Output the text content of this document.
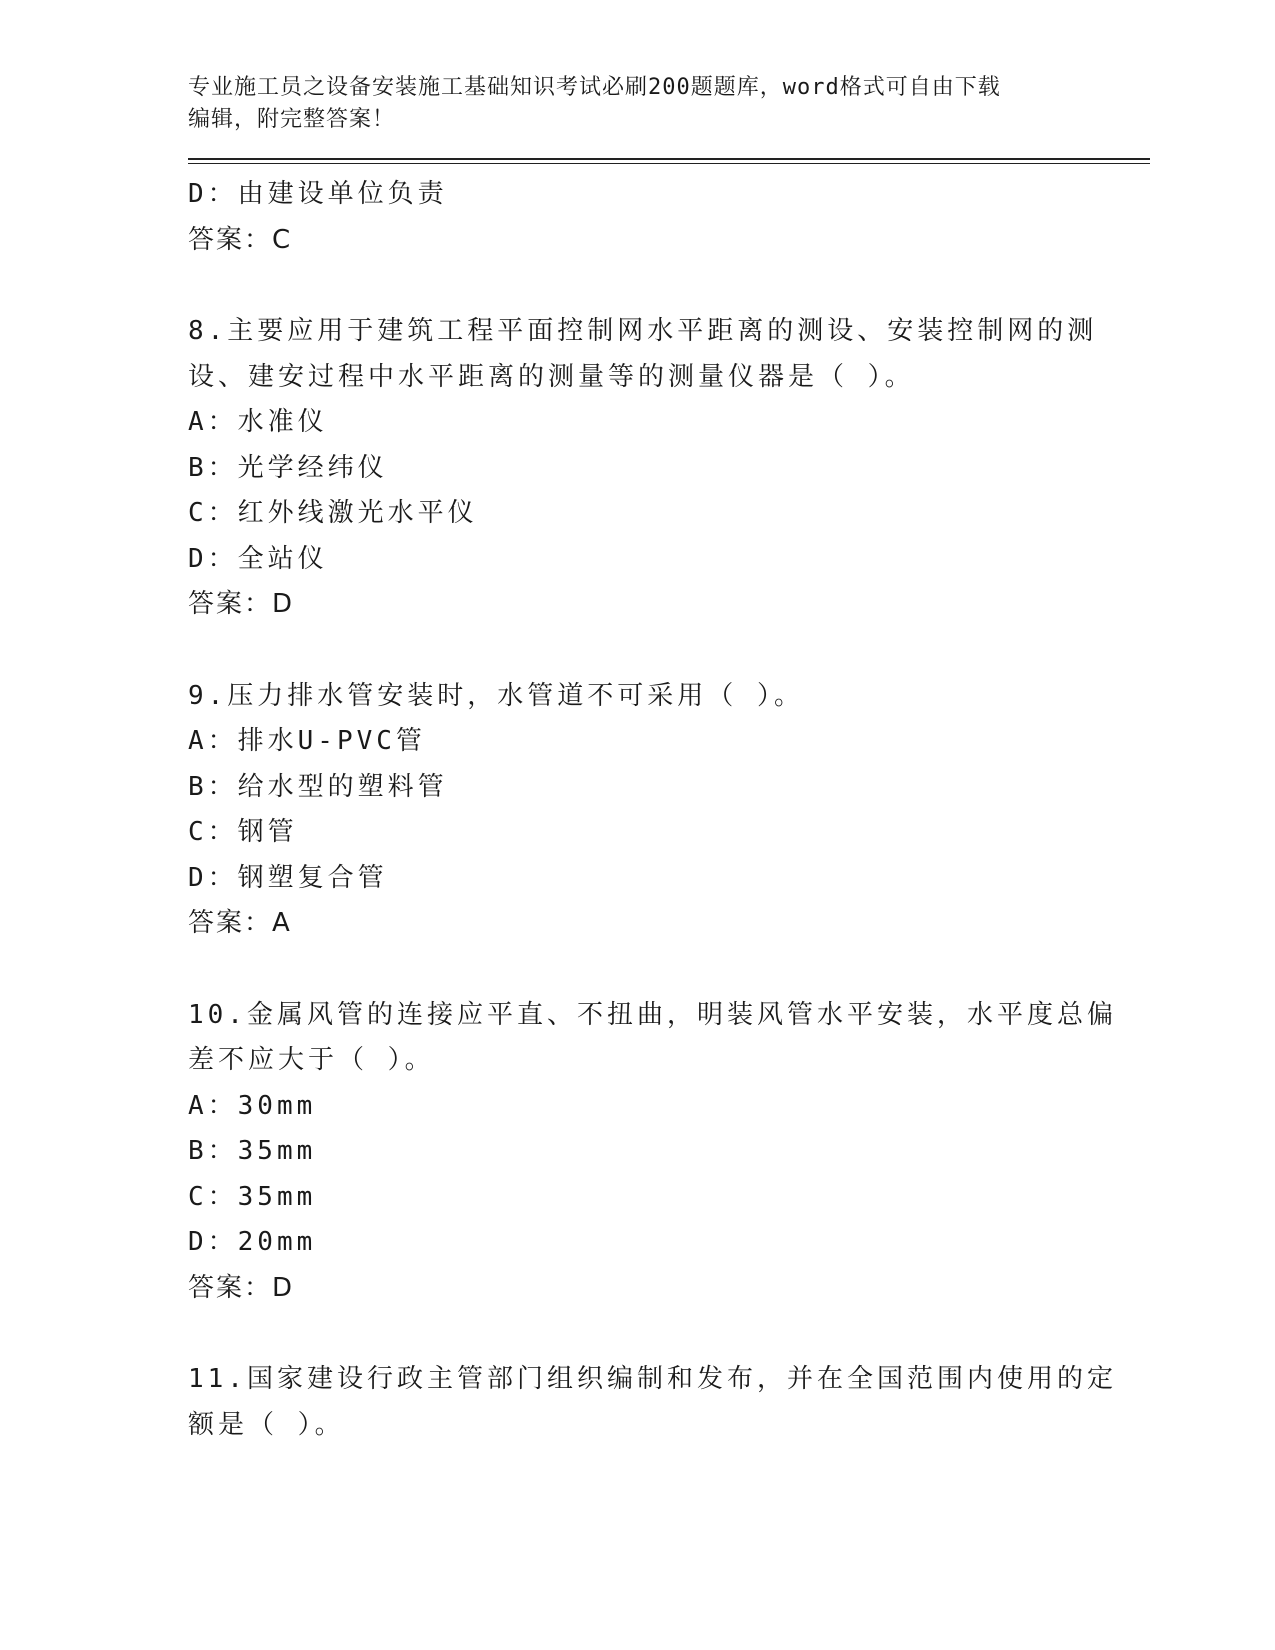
专业施工员之设备安装施工基础知识考试必刷200题题库，word格式可自由下载
编辑，附完整答案！
D：由建设单位负责
答案：C
8.主要应用于建筑工程平面控制网水平距离的测设、安装控制网的测
设、建安过程中水平距离的测量等的测量仪器是（ ）。
A：水准仪
B：光学经纬仪
C：红外线激光水平仪
D：全站仪
答案：D
9.压力排水管安装时，水管道不可采用（ ）。
A：排水U-PVC管
B：给水型的塑料管
C：钢管
D：钢塑复合管
答案：A
10.金属风管的连接应平直、不扭曲，明装风管水平安装，水平度总偏
差不应大于（ ）。
A：30mm
B：35mm
C：35mm
D：20mm
答案：D
11.国家建设行政主管部门组织编制和发布，并在全国范围内使用的定
额是（ ）。
